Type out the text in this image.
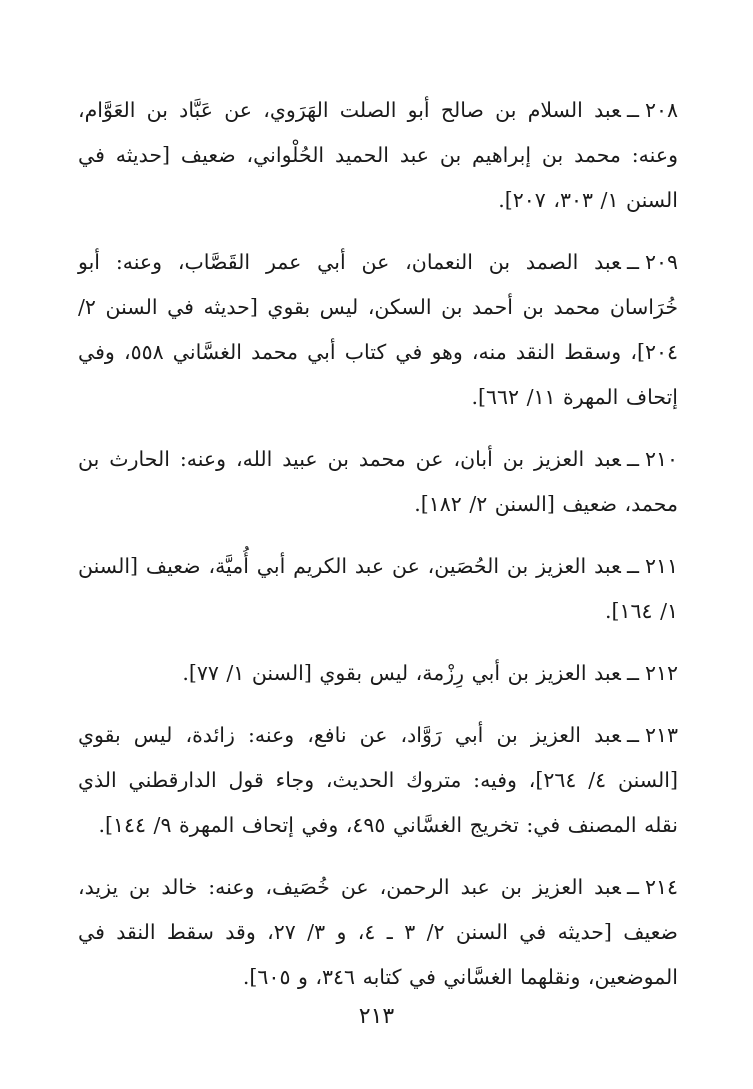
٢٠٨ــعبد السلام بن صالح أبو الصلت الهَرَوي، عن عَبَّاد بن العَوَّام، وعنه: محمد بن إبراهيم بن عبد الحميد الحُلْواني، ضعيف [حديثه في السنن ١/ ٣٠٣، ٢٠٧].

٢٠٩ــعبد الصمد بن النعمان، عن أبي عمر القَصَّاب، وعنه: أبو خُرَاسان محمد بن أحمد بن السكن، ليس بقوي [حديثه في السنن ٢/ ٢٠٤]، وسقط النقد منه، وهو في كتاب أبي محمد الغسَّاني ٥٥٨، وفي إتحاف المهرة ١١/ ٦٦٢].

٢١٠ــعبد العزيز بن أبان، عن محمد بن عبيد الله، وعنه: الحارث بن محمد، ضعيف [السنن ٢/ ١٨٢].

٢١١ــعبد العزيز بن الحُصَين، عن عبد الكريم أبي أُميَّة، ضعيف [السنن ١/ ١٦٤].

٢١٢ــعبد العزيز بن أبي رِزْمة، ليس بقوي [السنن ١/ ٧٧].

٢١٣ــعبد العزيز بن أبي رَوَّاد، عن نافع، وعنه: زائدة، ليس بقوي [السنن ٤/ ٢٦٤]، وفيه: متروك الحديث، وجاء قول الدارقطني الذي نقله المصنف في: تخريج الغسَّاني ٤٩٥، وفي إتحاف المهرة ٩/ ١٤٤].

٢١٤ــعبد العزيز بن عبد الرحمن، عن خُصَيف، وعنه: خالد بن يزيد، ضعيف [حديثه في السنن ٢/ ٣ ـ ٤، و ٣/ ٢٧، وقد سقط النقد في الموضعين، ونقلهما الغسَّاني في كتابه ٣٤٦، و ٦٠٥].

٢١٣
